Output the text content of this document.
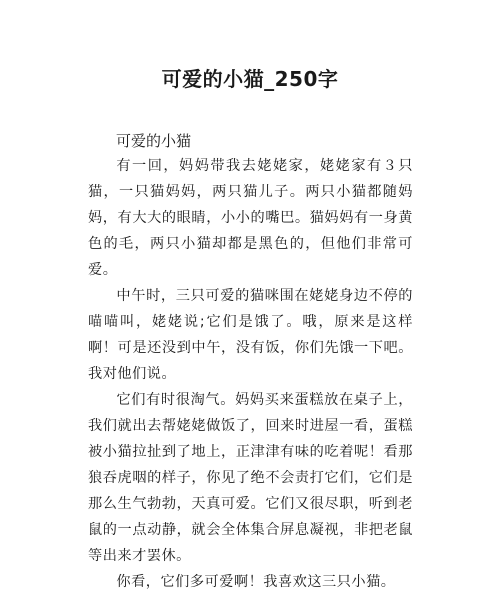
可爱的小猫_250字
可爱的小猫

有一回，妈妈带我去姥姥家，姥姥家有３只猫，一只猫妈妈，两只猫儿子。两只小猫都随妈妈，有大大的眼睛，小小的嘴巴。猫妈妈有一身黄色的毛，两只小猫却都是黑色的，但他们非常可爱。

中午时，三只可爱的猫咪围在姥姥身边不停的喵喵叫，姥姥说;它们是饿了。哦，原来是这样啊！可是还没到中午，没有饭，你们先饿一下吧。我对他们说。

它们有时很淘气。妈妈买来蛋糕放在桌子上，我们就出去帮姥姥做饭了，回来时进屋一看，蛋糕被小猫拉扯到了地上，正津津有味的吃着呢！看那狼吞虎咽的样子，你见了绝不会责打它们，它们是那么生气勃勃，天真可爱。它们又很尽职，听到老鼠的一点动静，就会全体集合屏息凝视，非把老鼠等出来才罢休。

你看，它们多可爱啊！我喜欢这三只小猫。
